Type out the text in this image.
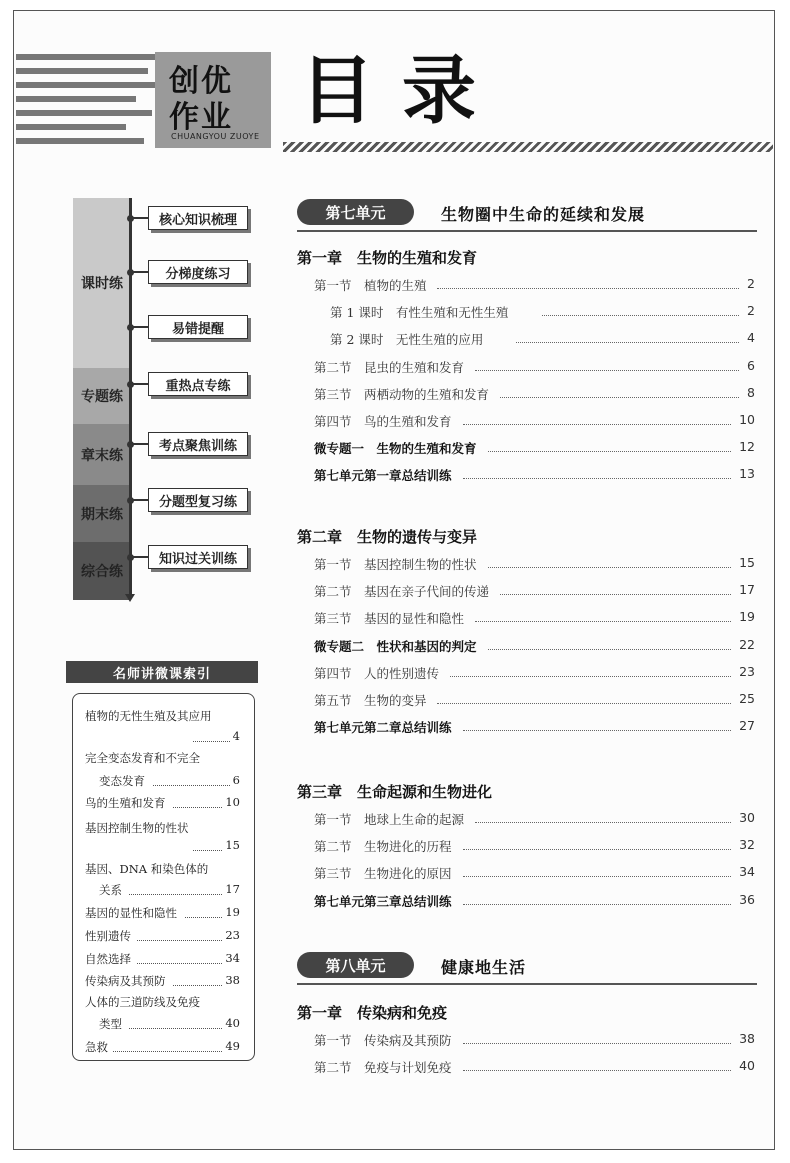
创优
作业
CHUANGYOU ZUOYE
目录
课时练
专题练
章末练
期末练
综合练
核心知识梳理
分梯度练习
易错提醒
重热点专练
考点聚焦训练
分题型复习练
知识过关训练
名师讲微课索引
植物的无性生殖及其应用
4
完全变态发育和不完全
变态发育	6
鸟的生殖和发育	10
基因控制生物的性状
15
基因、DNA 和染色体的
关系	17
基因的显性和隐性	19
性别遗传	23
自然选择	34
传染病及其预防	38
人体的三道防线及免疫
类型	40
急救	49
第七单元	生物圈中生命的延续和发展
第一章　生物的生殖和发育
第一节　植物的生殖	2
第 1 课时　有性生殖和无性生殖	2
第 2 课时　无性生殖的应用	4
第二节　昆虫的生殖和发育	6
第三节　两栖动物的生殖和发育	8
第四节　鸟的生殖和发育	10
微专题一　生物的生殖和发育	12
第七单元第一章总结训练	13
第二章　生物的遗传与变异
第一节　基因控制生物的性状	15
第二节　基因在亲子代间的传递	17
第三节　基因的显性和隐性	19
微专题二　性状和基因的判定	22
第四节　人的性别遗传	23
第五节　生物的变异	25
第七单元第二章总结训练	27
第三章　生命起源和生物进化
第一节　地球上生命的起源	30
第二节　生物进化的历程	32
第三节　生物进化的原因	34
第七单元第三章总结训练	36
第八单元	健康地生活
第一章　传染病和免疫
第一节　传染病及其预防	38
第二节　免疫与计划免疫	40
